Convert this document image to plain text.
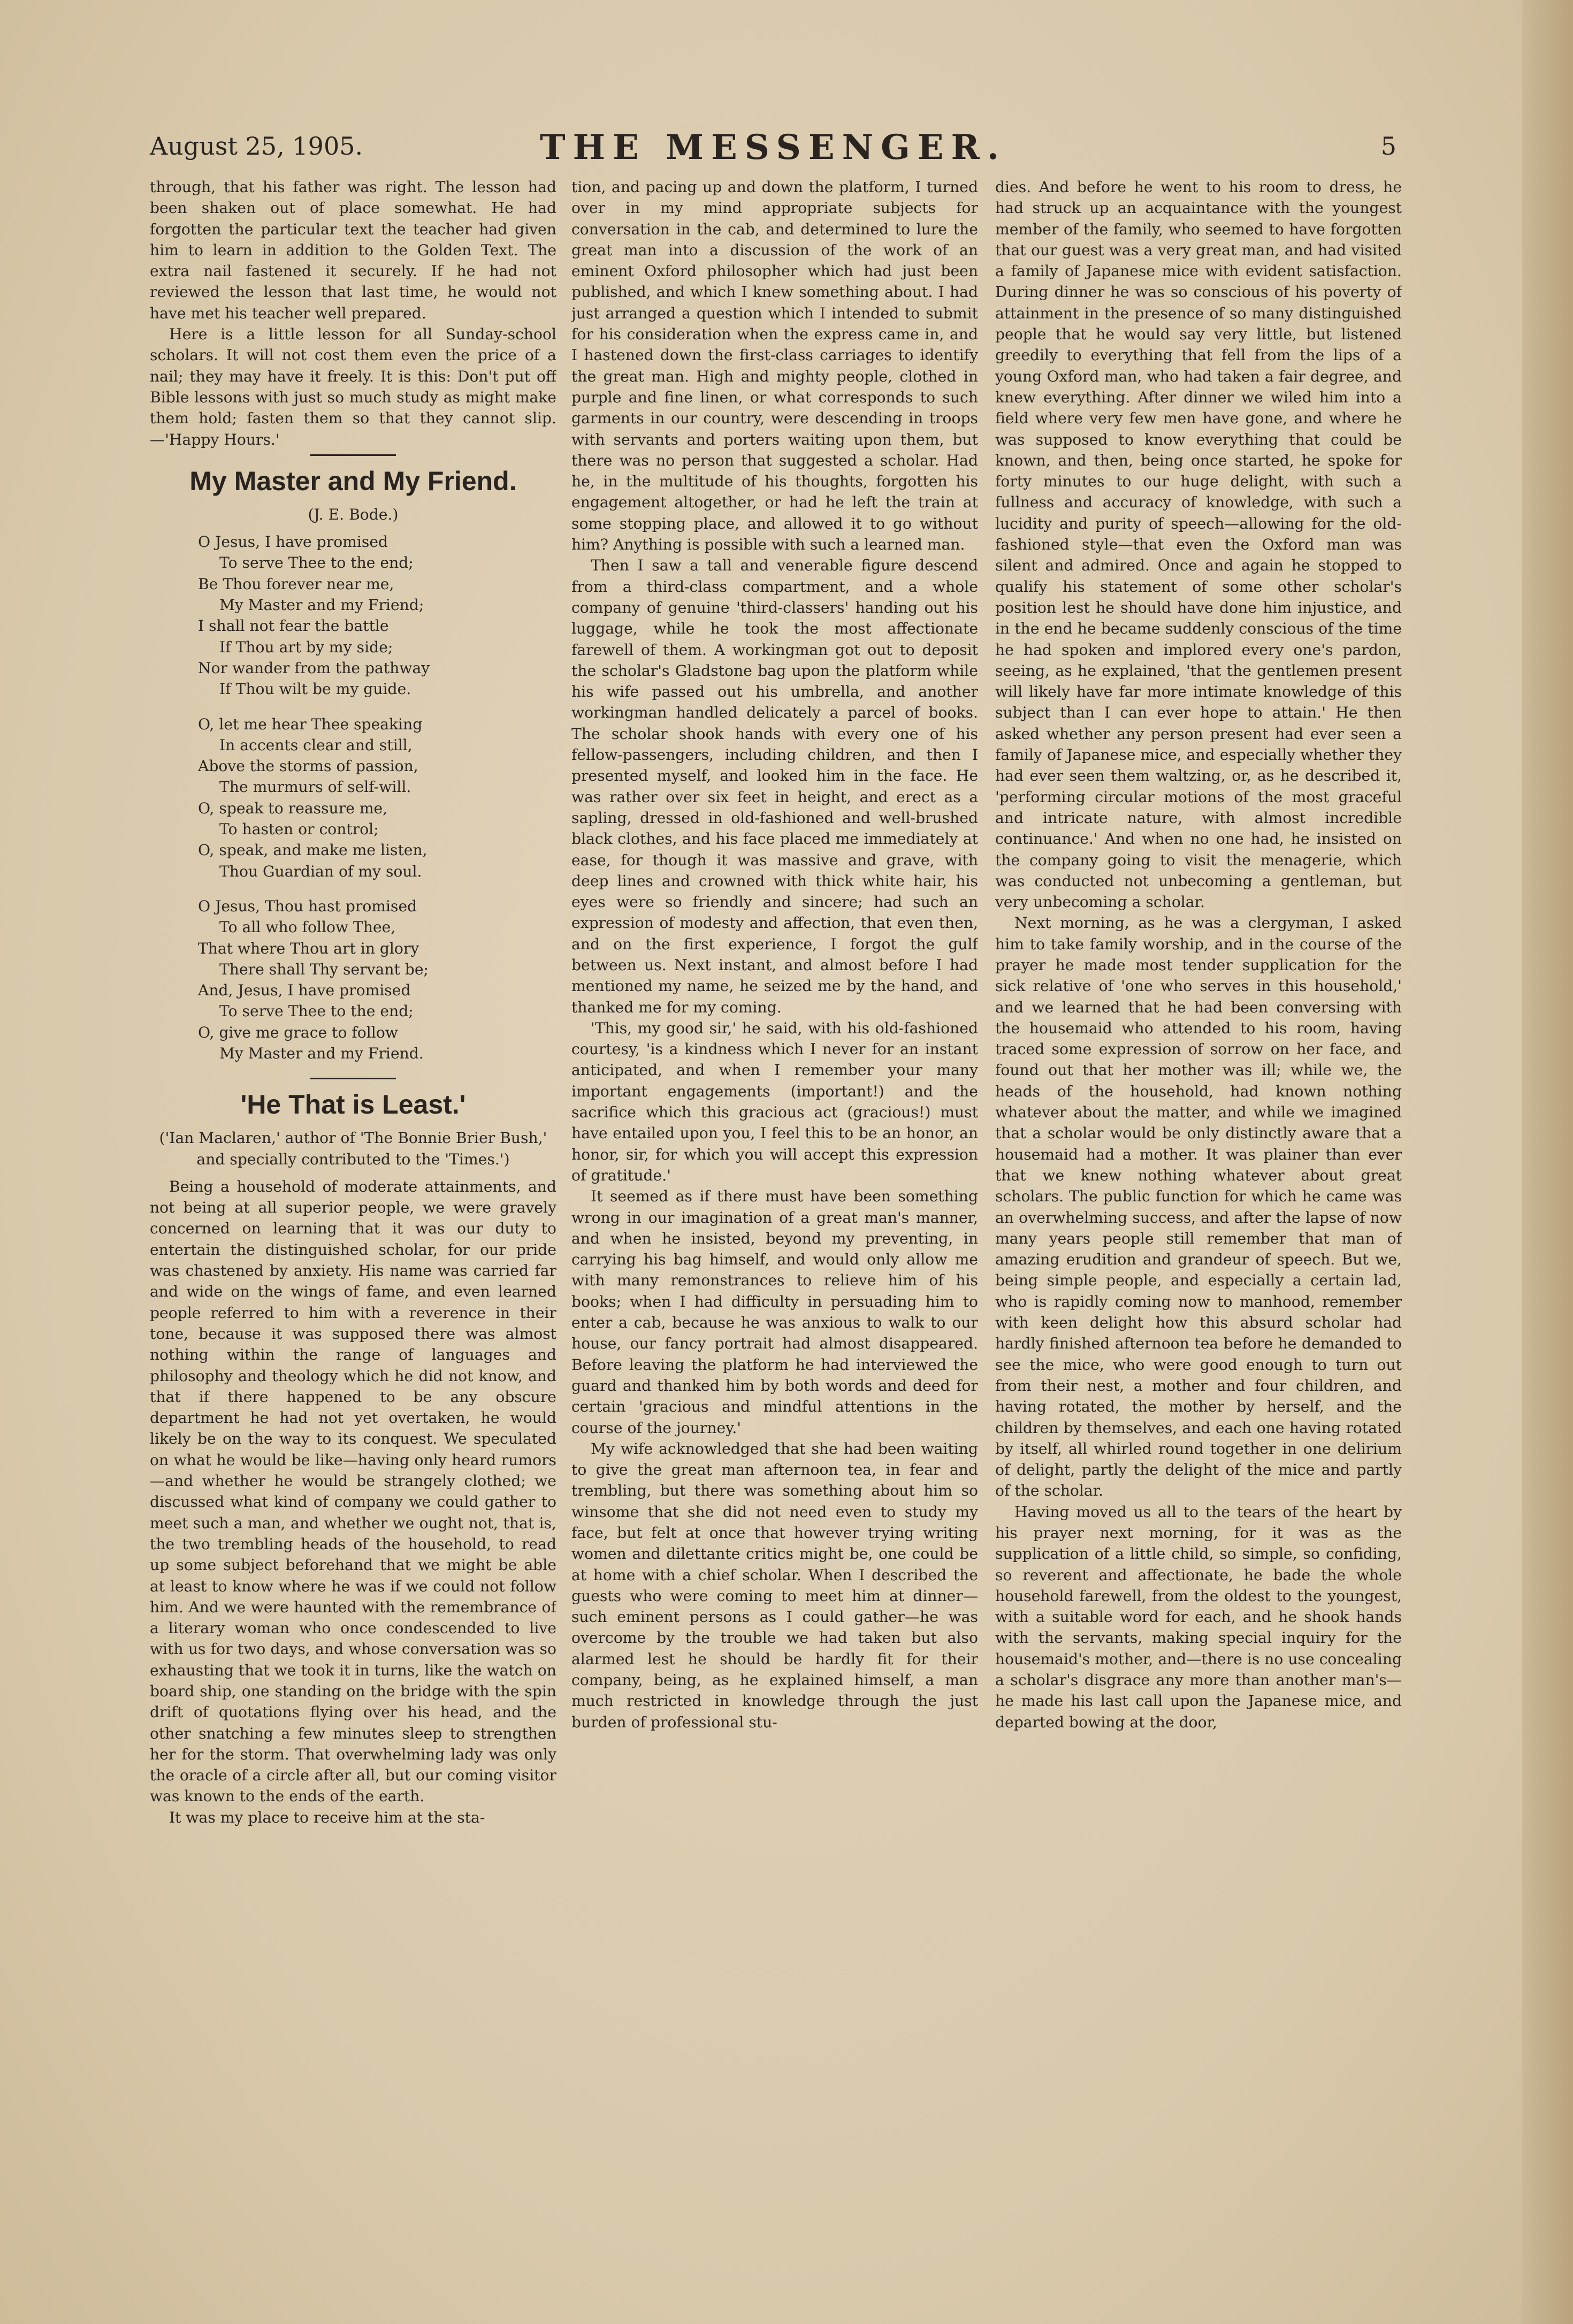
August 25, 1905.	THE MESSENGER.	5

through, that his father was right. The lesson had been shaken out of place somewhat. He had forgotten the particular text the teacher had given him to learn in addition to the Golden Text. The extra nail fastened it securely. If he had not reviewed the lesson that last time, he would not have met his teacher well prepared.

Here is a little lesson for all Sunday-school scholars. It will not cost them even the price of a nail; they may have it freely. It is this: Don't put off Bible lessons with just so much study as might make them hold; fasten them so that they cannot slip.—'Happy Hours.'

My Master and My Friend.
(J. E. Bode.)
O Jesus, I have promised
To serve Thee to the end;
Be Thou forever near me,
My Master and my Friend;
I shall not fear the battle
If Thou art by my side;
Nor wander from the pathway
If Thou wilt be my guide.
O, let me hear Thee speaking
In accents clear and still,
Above the storms of passion,
The murmurs of self-will.
O, speak to reassure me,
To hasten or control;
O, speak, and make me listen,
Thou Guardian of my soul.
O Jesus, Thou hast promised
To all who follow Thee,
That where Thou art in glory
There shall Thy servant be;
And, Jesus, I have promised
To serve Thee to the end;
O, give me grace to follow
My Master and my Friend.
'He That is Least.'
('Ian Maclaren,' author of 'The Bonnie Brier Bush,' and specially contributed to the 'Times.')

Being a household of moderate attainments, and not being at all superior people, we were gravely concerned on learning that it was our duty to entertain the distinguished scholar, for our pride was chastened by anxiety. His name was carried far and wide on the wings of fame, and even learned people referred to him with a reverence in their tone, because it was supposed there was almost nothing within the range of languages and philosophy and theology which he did not know, and that if there happened to be any obscure department he had not yet overtaken, he would likely be on the way to its conquest. We speculated on what he would be like—having only heard rumors—and whether he would be strangely clothed; we discussed what kind of company we could gather to meet such a man, and whether we ought not, that is, the two trembling heads of the household, to read up some subject beforehand that we might be able at least to know where he was if we could not follow him. And we were haunted with the remembrance of a literary woman who once condescended to live with us for two days, and whose conversation was so exhausting that we took it in turns, like the watch on board ship, one standing on the bridge with the spin drift of quotations flying over his head, and the other snatching a few minutes sleep to strengthen her for the storm. That overwhelming lady was only the oracle of a circle after all, but our coming visitor was known to the ends of the earth.

It was my place to receive him at the sta-

tion, and pacing up and down the platform, I turned over in my mind appropriate subjects for conversation in the cab, and determined to lure the great man into a discussion of the work of an eminent Oxford philosopher which had just been published, and which I knew something about. I had just arranged a question which I intended to submit for his consideration when the express came in, and I hastened down the first-class carriages to identify the great man. High and mighty people, clothed in purple and fine linen, or what corresponds to such garments in our country, were descending in troops with servants and porters waiting upon them, but there was no person that suggested a scholar. Had he, in the multitude of his thoughts, forgotten his engagement altogether, or had he left the train at some stopping place, and allowed it to go without him? Anything is possible with such a learned man.

Then I saw a tall and venerable figure descend from a third-class compartment, and a whole company of genuine 'third-classers' handing out his luggage, while he took the most affectionate farewell of them. A workingman got out to deposit the scholar's Gladstone bag upon the platform while his wife passed out his umbrella, and another workingman handled delicately a parcel of books. The scholar shook hands with every one of his fellow-passengers, including children, and then I presented myself, and looked him in the face. He was rather over six feet in height, and erect as a sapling, dressed in old-fashioned and well-brushed black clothes, and his face placed me immediately at ease, for though it was massive and grave, with deep lines and crowned with thick white hair, his eyes were so friendly and sincere; had such an expression of modesty and affection, that even then, and on the first experience, I forgot the gulf between us. Next instant, and almost before I had mentioned my name, he seized me by the hand, and thanked me for my coming.

'This, my good sir,' he said, with his old-fashioned courtesy, 'is a kindness which I never for an instant anticipated, and when I remember your many important engagements (important!) and the sacrifice which this gracious act (gracious!) must have entailed upon you, I feel this to be an honor, an honor, sir, for which you will accept this expression of gratitude.'

It seemed as if there must have been something wrong in our imagination of a great man's manner, and when he insisted, beyond my preventing, in carrying his bag himself, and would only allow me with many remonstrances to relieve him of his books; when I had difficulty in persuading him to enter a cab, because he was anxious to walk to our house, our fancy portrait had almost disappeared. Before leaving the platform he had interviewed the guard and thanked him by both words and deed for certain 'gracious and mindful attentions in the course of the journey.'

My wife acknowledged that she had been waiting to give the great man afternoon tea, in fear and trembling, but there was something about him so winsome that she did not need even to study my face, but felt at once that however trying writing women and dilettante critics might be, one could be at home with a chief scholar. When I described the guests who were coming to meet him at dinner—such eminent persons as I could gather—he was overcome by the trouble we had taken but also alarmed lest he should be hardly fit for their company, being, as he explained himself, a man much restricted in knowledge through the just burden of professional stu-

dies. And before he went to his room to dress, he had struck up an acquaintance with the youngest member of the family, who seemed to have forgotten that our guest was a very great man, and had visited a family of Japanese mice with evident satisfaction. During dinner he was so conscious of his poverty of attainment in the presence of so many distinguished people that he would say very little, but listened greedily to everything that fell from the lips of a young Oxford man, who had taken a fair degree, and knew everything. After dinner we wiled him into a field where very few men have gone, and where he was supposed to know everything that could be known, and then, being once started, he spoke for forty minutes to our huge delight, with such a fullness and accuracy of knowledge, with such a lucidity and purity of speech—allowing for the old-fashioned style—that even the Oxford man was silent and admired. Once and again he stopped to qualify his statement of some other scholar's position lest he should have done him injustice, and in the end he became suddenly conscious of the time he had spoken and implored every one's pardon, seeing, as he explained, 'that the gentlemen present will likely have far more intimate knowledge of this subject than I can ever hope to attain.' He then asked whether any person present had ever seen a family of Japanese mice, and especially whether they had ever seen them waltzing, or, as he described it, 'performing circular motions of the most graceful and intricate nature, with almost incredible continuance.' And when no one had, he insisted on the company going to visit the menagerie, which was conducted not unbecoming a gentleman, but very unbecoming a scholar.

Next morning, as he was a clergyman, I asked him to take family worship, and in the course of the prayer he made most tender supplication for the sick relative of 'one who serves in this household,' and we learned that he had been conversing with the housemaid who attended to his room, having traced some expression of sorrow on her face, and found out that her mother was ill; while we, the heads of the household, had known nothing whatever about the matter, and while we imagined that a scholar would be only distinctly aware that a housemaid had a mother. It was plainer than ever that we knew nothing whatever about great scholars. The public function for which he came was an overwhelming success, and after the lapse of now many years people still remember that man of amazing erudition and grandeur of speech. But we, being simple people, and especially a certain lad, who is rapidly coming now to manhood, remember with keen delight how this absurd scholar had hardly finished afternoon tea before he demanded to see the mice, who were good enough to turn out from their nest, a mother and four children, and having rotated, the mother by herself, and the children by themselves, and each one having rotated by itself, all whirled round together in one delirium of delight, partly the delight of the mice and partly of the scholar.

Having moved us all to the tears of the heart by his prayer next morning, for it was as the supplication of a little child, so simple, so confiding, so reverent and affectionate, he bade the whole household farewell, from the oldest to the youngest, with a suitable word for each, and he shook hands with the servants, making special inquiry for the housemaid's mother, and—there is no use concealing a scholar's disgrace any more than another man's—he made his last call upon the Japanese mice, and departed bowing at the door,
